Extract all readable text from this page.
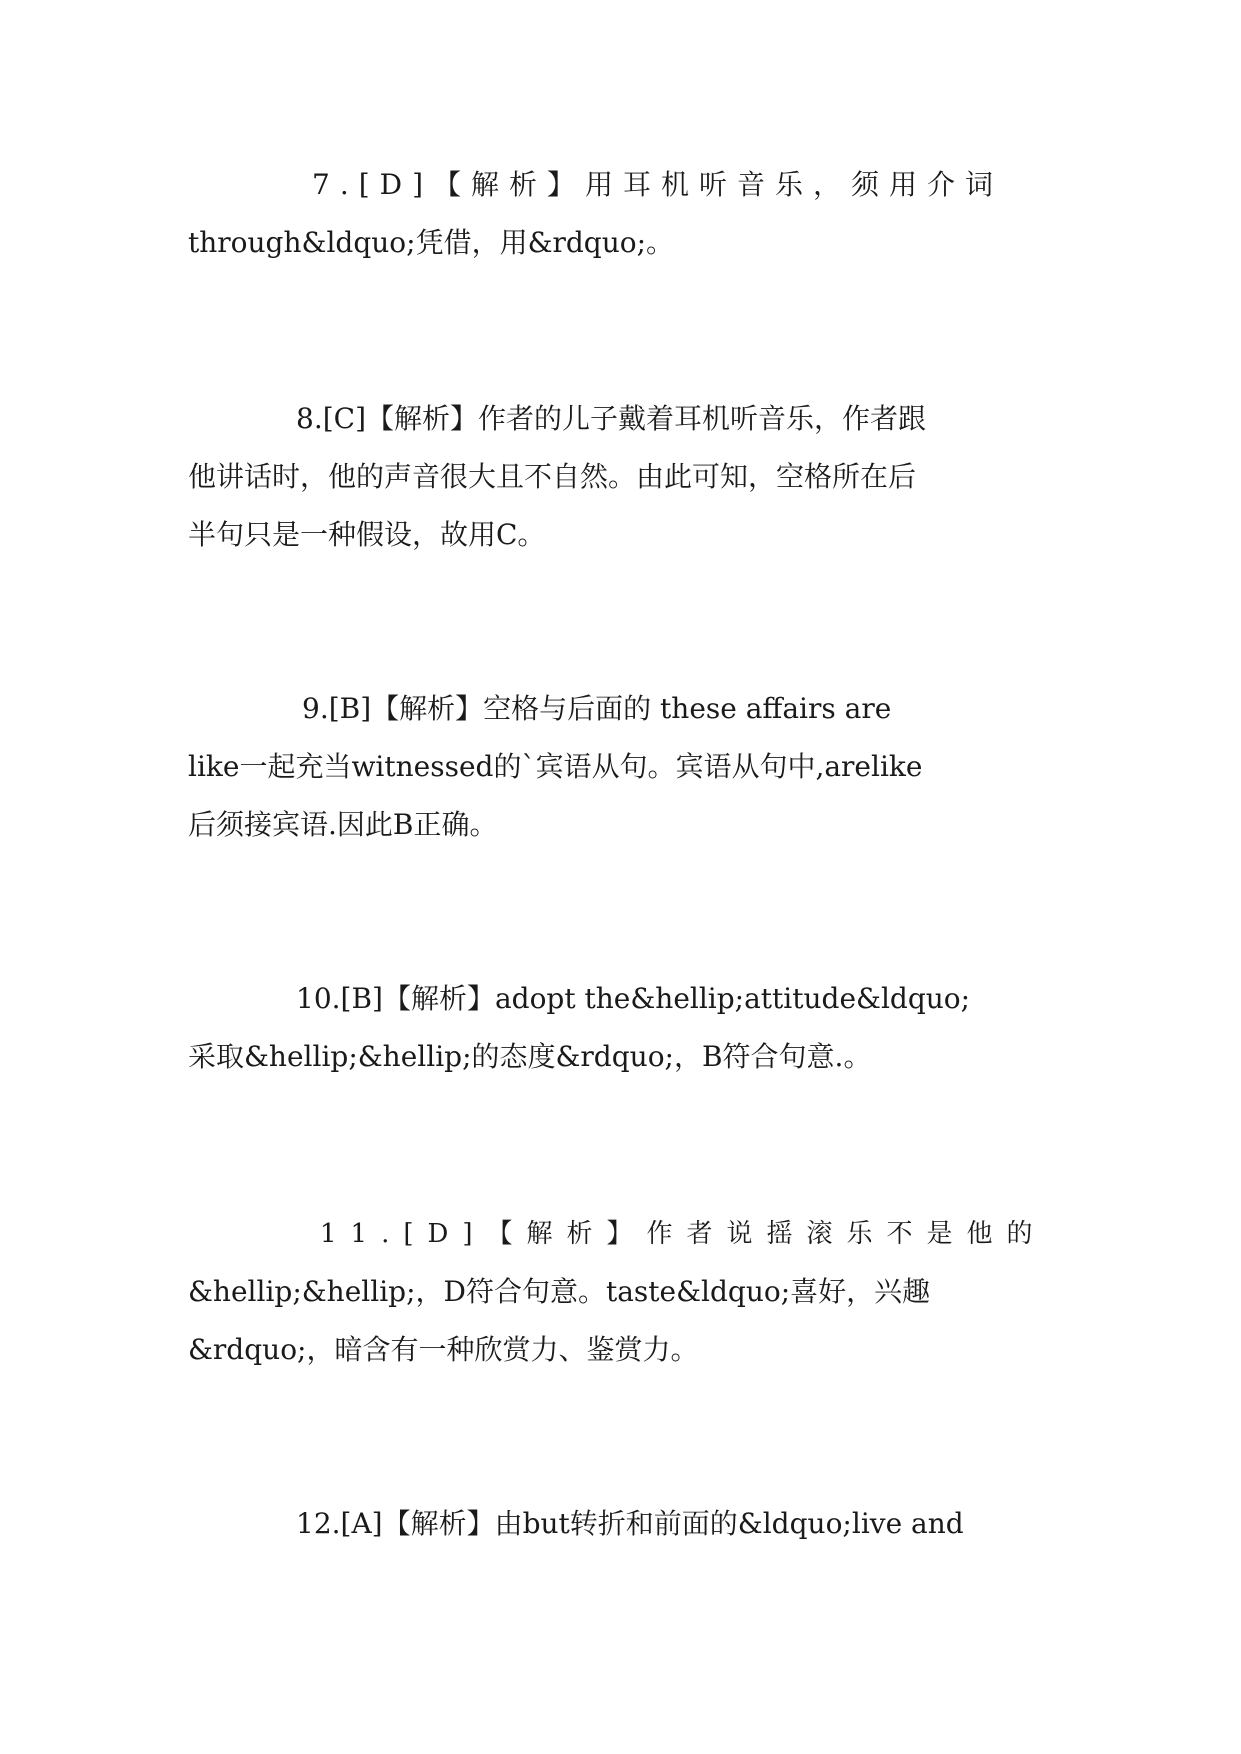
7.[D]【解析】用耳机听音乐，须用介词
through&ldquo;凭借，用&rdquo;。
8.[C]【解析】作者的儿子戴着耳机听音乐，作者跟
他讲话时，他的声音很大且不自然。由此可知，空格所在后
半句只是一种假设，故用C。
9.[B]【解析】空格与后面的 these affairs are
like一起充当witnessed的`宾语从句。宾语从句中,arelike
后须接宾语.因此B正确。
10.[B]【解析】adopt the&hellip;attitude&ldquo;
采取&hellip;&hellip;的态度&rdquo;，B符合句意.。
11.[D]【解析】作者说摇滚乐不是他的
&hellip;&hellip;，D符合句意。taste&ldquo;喜好，兴趣
&rdquo;，暗含有一种欣赏力、鉴赏力。
12.[A]【解析】由but转折和前面的&ldquo;live and
